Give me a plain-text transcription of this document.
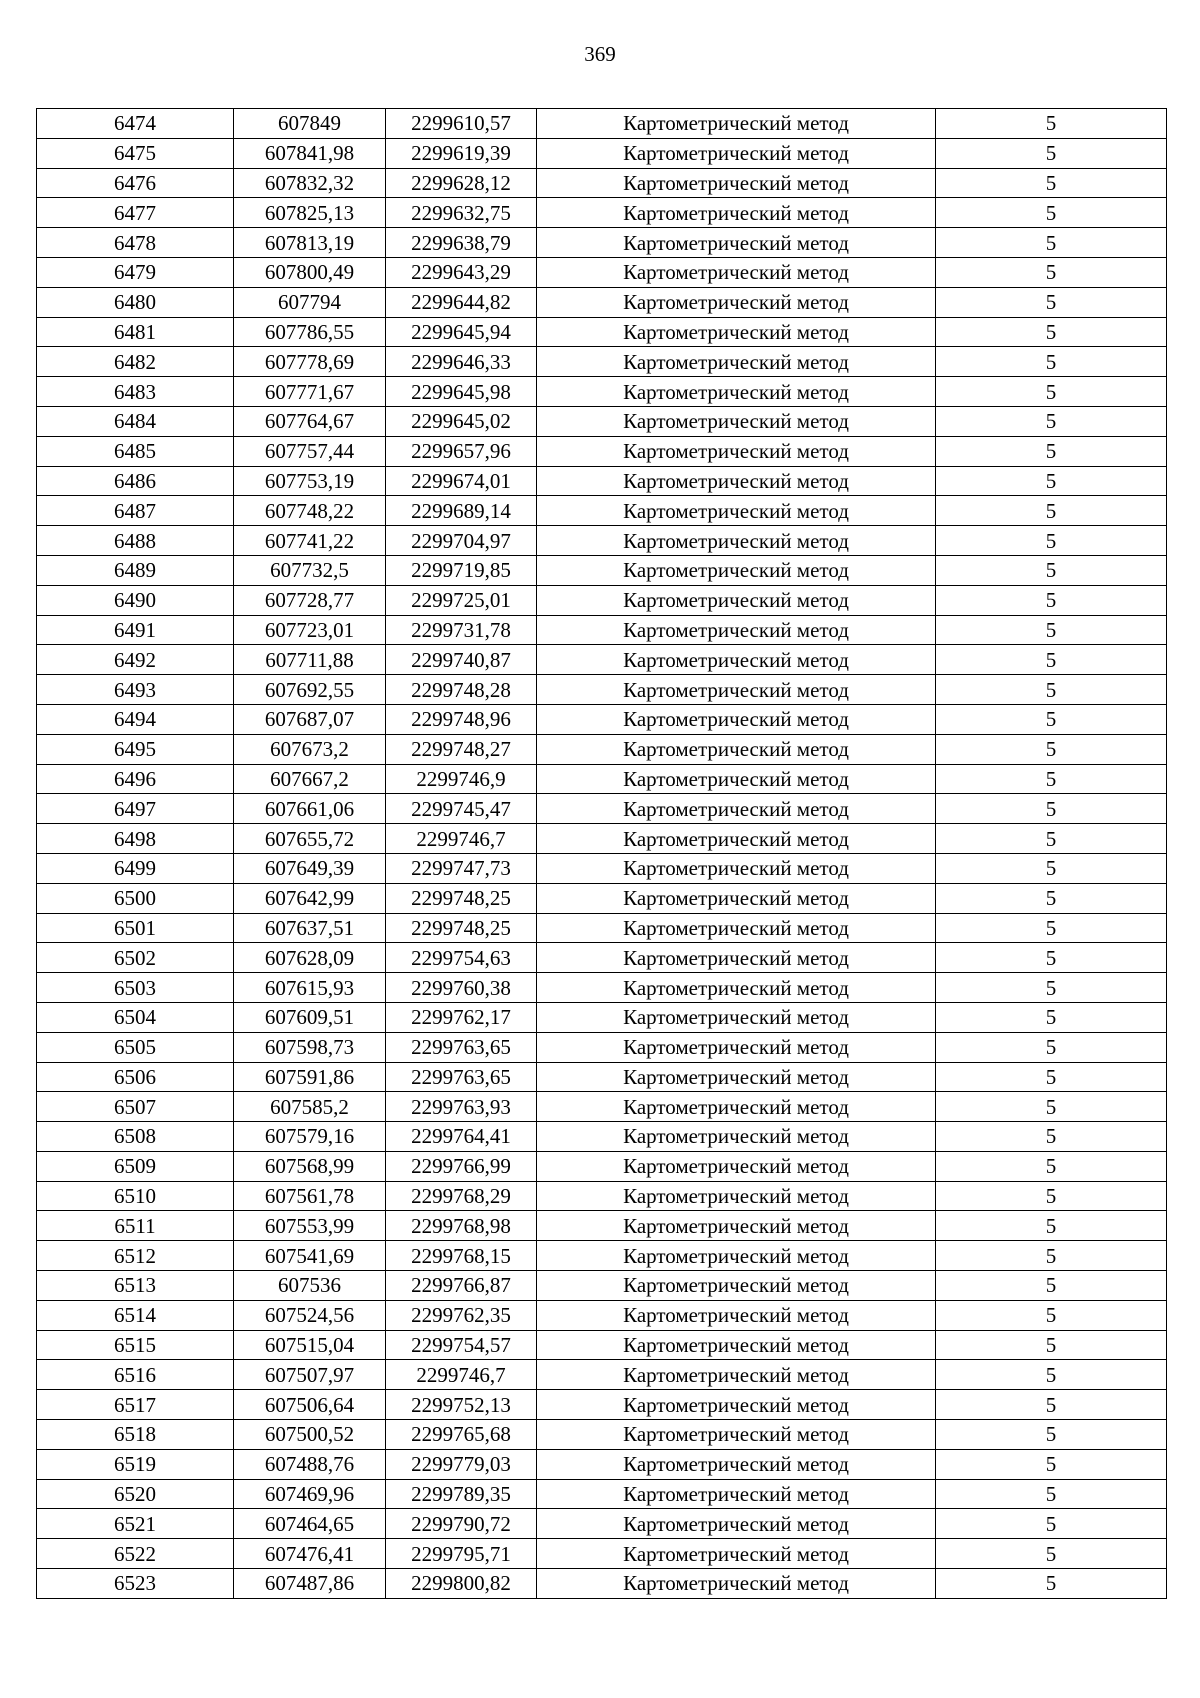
369
6474	607849	2299610,57	Картометрический метод	5
6475	607841,98	2299619,39	Картометрический метод	5
6476	607832,32	2299628,12	Картометрический метод	5
6477	607825,13	2299632,75	Картометрический метод	5
6478	607813,19	2299638,79	Картометрический метод	5
6479	607800,49	2299643,29	Картометрический метод	5
6480	607794	2299644,82	Картометрический метод	5
6481	607786,55	2299645,94	Картометрический метод	5
6482	607778,69	2299646,33	Картометрический метод	5
6483	607771,67	2299645,98	Картометрический метод	5
6484	607764,67	2299645,02	Картометрический метод	5
6485	607757,44	2299657,96	Картометрический метод	5
6486	607753,19	2299674,01	Картометрический метод	5
6487	607748,22	2299689,14	Картометрический метод	5
6488	607741,22	2299704,97	Картометрический метод	5
6489	607732,5	2299719,85	Картометрический метод	5
6490	607728,77	2299725,01	Картометрический метод	5
6491	607723,01	2299731,78	Картометрический метод	5
6492	607711,88	2299740,87	Картометрический метод	5
6493	607692,55	2299748,28	Картометрический метод	5
6494	607687,07	2299748,96	Картометрический метод	5
6495	607673,2	2299748,27	Картометрический метод	5
6496	607667,2	2299746,9	Картометрический метод	5
6497	607661,06	2299745,47	Картометрический метод	5
6498	607655,72	2299746,7	Картометрический метод	5
6499	607649,39	2299747,73	Картометрический метод	5
6500	607642,99	2299748,25	Картометрический метод	5
6501	607637,51	2299748,25	Картометрический метод	5
6502	607628,09	2299754,63	Картометрический метод	5
6503	607615,93	2299760,38	Картометрический метод	5
6504	607609,51	2299762,17	Картометрический метод	5
6505	607598,73	2299763,65	Картометрический метод	5
6506	607591,86	2299763,65	Картометрический метод	5
6507	607585,2	2299763,93	Картометрический метод	5
6508	607579,16	2299764,41	Картометрический метод	5
6509	607568,99	2299766,99	Картометрический метод	5
6510	607561,78	2299768,29	Картометрический метод	5
6511	607553,99	2299768,98	Картометрический метод	5
6512	607541,69	2299768,15	Картометрический метод	5
6513	607536	2299766,87	Картометрический метод	5
6514	607524,56	2299762,35	Картометрический метод	5
6515	607515,04	2299754,57	Картометрический метод	5
6516	607507,97	2299746,7	Картометрический метод	5
6517	607506,64	2299752,13	Картометрический метод	5
6518	607500,52	2299765,68	Картометрический метод	5
6519	607488,76	2299779,03	Картометрический метод	5
6520	607469,96	2299789,35	Картометрический метод	5
6521	607464,65	2299790,72	Картометрический метод	5
6522	607476,41	2299795,71	Картометрический метод	5
6523	607487,86	2299800,82	Картометрический метод	5
